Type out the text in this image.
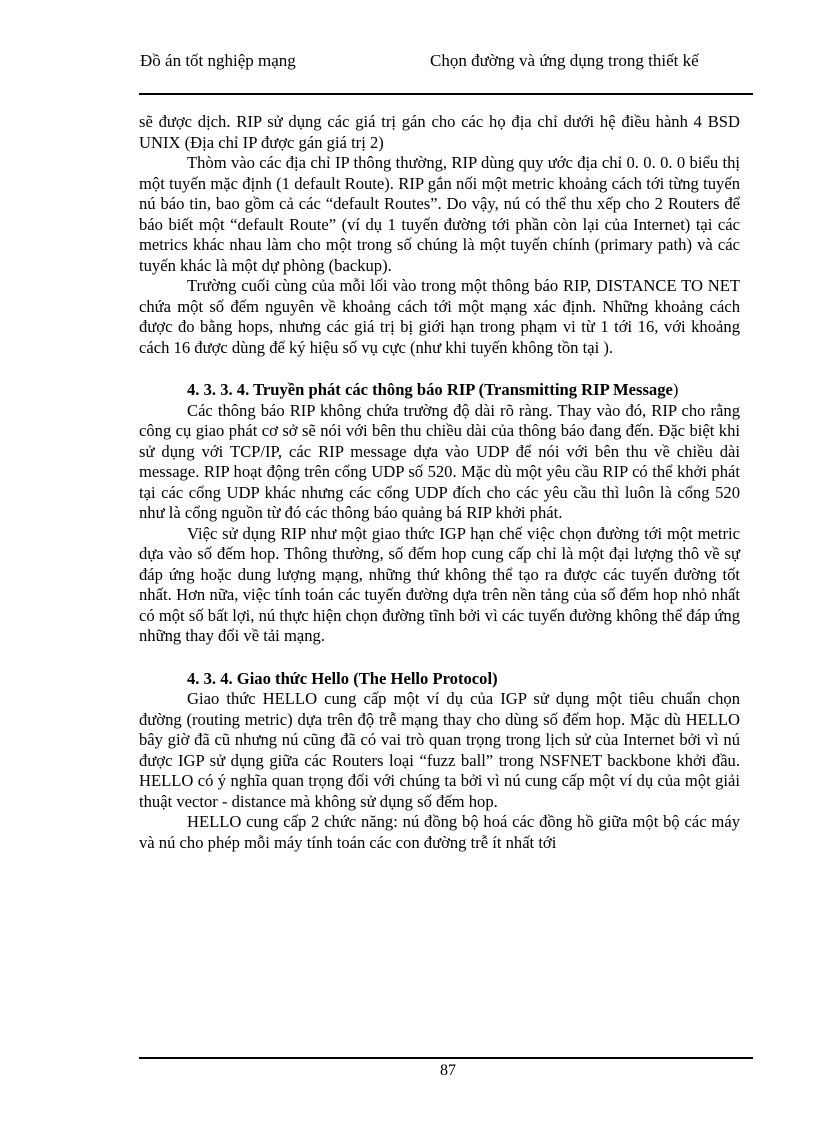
Đồ án tốt nghiệp mạng	Chọn đường và ứng dụng trong thiết kế

sẽ được dịch. RIP sử dụng các giá trị gán cho các họ địa chỉ dưới hệ điều hành 4 BSD UNIX (Địa chỉ IP được gán giá trị 2)

Thòm vào các địa chỉ IP thông thường, RIP dùng quy ước địa chỉ 0. 0. 0. 0 biểu thị một tuyến mặc định (1 default Route). RIP gắn nối một metric khoảng cách tới từng tuyến nú báo tin, bao gồm cả các “default Routes”. Do vậy, nú có thể thu xếp cho 2 Routers để báo biết một “default Route” (ví dụ 1 tuyến đường tới phần còn lại của Internet) tại các metrics khác nhau làm cho một trong số chúng là một tuyến chính (primary path) và các tuyến khác là một dự phòng (backup).

Trường cuối cùng của mỗi lối vào trong một thông báo RIP, DISTANCE TO NET chứa một số đếm nguyên về khoảng cách tới một mạng xác định. Những khoảng cách được đo bằng hops, nhưng các giá trị bị giới hạn trong phạm vi từ 1 tới 16, với khoảng cách 16 được dùng để ký hiệu số vụ cực (như khi tuyến không tồn tại ).

4. 3. 3. 4. Truyền phát các thông báo RIP (Transmitting RIP Message)

Các thông báo RIP không chứa trường độ dài rõ ràng. Thay vào đó, RIP cho rằng công cụ giao phát cơ sở sẽ nói với bên thu chiều dài của thông báo đang đến. Đặc biệt khi sử dụng với TCP/IP, các RIP message dựa vào UDP để nói với bên thu về chiều dài message. RIP hoạt động trên cổng UDP số 520. Mặc dù một yêu cầu RIP có thể khởi phát tại các cổng UDP khác nhưng các cổng UDP đích cho các yêu cầu thì luôn là cổng 520 như là cổng nguồn từ đó các thông báo quảng bá RIP khởi phát.

Việc sử dụng RIP như một giao thức IGP hạn chế việc chọn đường tới một metric dựa vào số đếm hop. Thông thường, số đếm hop cung cấp chỉ là một đại lượng thô về sự đáp ứng hoặc dung lượng mạng, những thứ không thể tạo ra được các tuyến đường tốt nhất. Hơn nữa, việc tính toán các tuyến đường dựa trên nền tảng của số đếm hop nhỏ nhất có một số bất lợi, nú thực hiện chọn đường tĩnh bởi vì các tuyến đường không thể đáp ứng những thay đổi về tải mạng.

4. 3. 4. Giao thức Hello (The Hello Protocol)

Giao thức HELLO cung cấp một ví dụ của IGP sử dụng một tiêu chuẩn chọn đường (routing metric) dựa trên độ trễ mạng thay cho dùng số đếm hop. Mặc dù HELLO bây giờ đã cũ nhưng nú cũng đã có vai trò quan trọng trong lịch sử của Internet bởi vì nú được IGP sử dụng giữa các Routers loại “fuzz ball” trong NSFNET backbone khởi đầu. HELLO có ý nghĩa quan trọng đối với chúng ta bởi vì nú cung cấp một ví dụ của một giải thuật vector - distance mà không sử dụng số đếm hop.

HELLO cung cấp 2 chức năng: nú đồng bộ hoá các đồng hồ giữa một bộ các máy và nú cho phép mỗi máy tính toán các con đường trễ ít nhất tới

87
